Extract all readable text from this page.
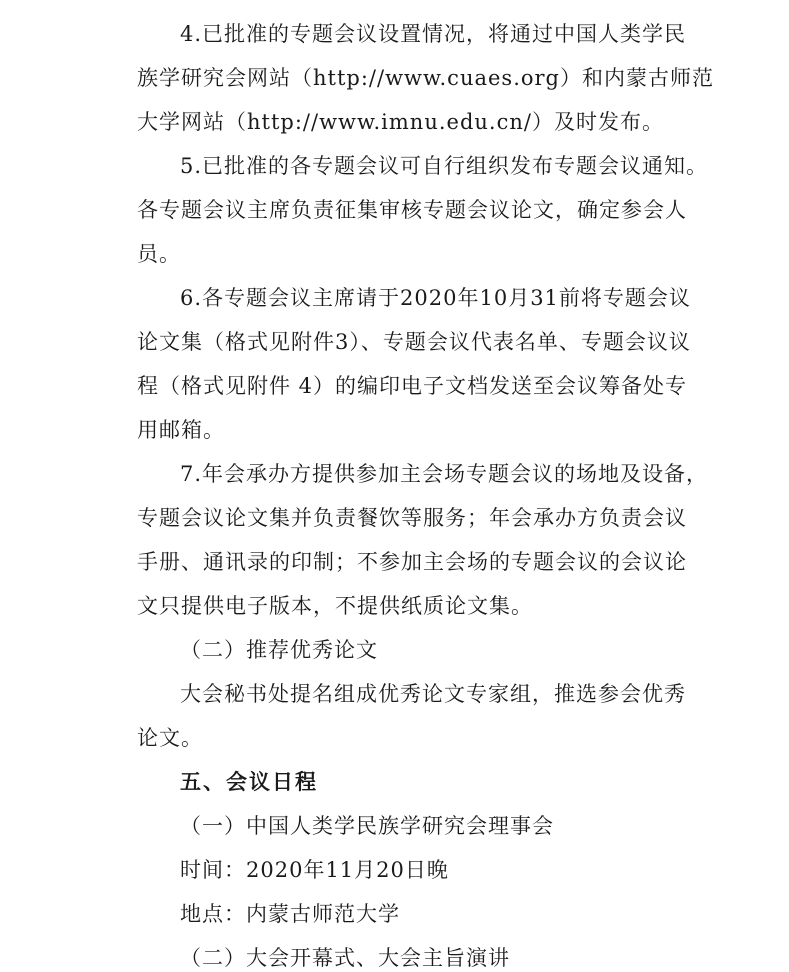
4.已批准的专题会议设置情况，将通过中国人类学民
族学研究会网站（http://www.cuaes.org）和内蒙古师范
大学网站（http://www.imnu.edu.cn/）及时发布。
5.已批准的各专题会议可自行组织发布专题会议通知。
各专题会议主席负责征集审核专题会议论文，确定参会人
员。
6.各专题会议主席请于2020年10月31前将专题会议
论文集（格式见附件3）、专题会议代表名单、专题会议议
程（格式见附件 4）的编印电子文档发送至会议筹备处专
用邮箱。
7.年会承办方提供参加主会场专题会议的场地及设备，
专题会议论文集并负责餐饮等服务；年会承办方负责会议
手册、通讯录的印制；不参加主会场的专题会议的会议论
文只提供电子版本，不提供纸质论文集。
（二）推荐优秀论文
大会秘书处提名组成优秀论文专家组，推选参会优秀
论文。
五、会议日程
（一）中国人类学民族学研究会理事会
时间：2020年11月20日晚
地点：内蒙古师范大学
（二）大会开幕式、大会主旨演讲
